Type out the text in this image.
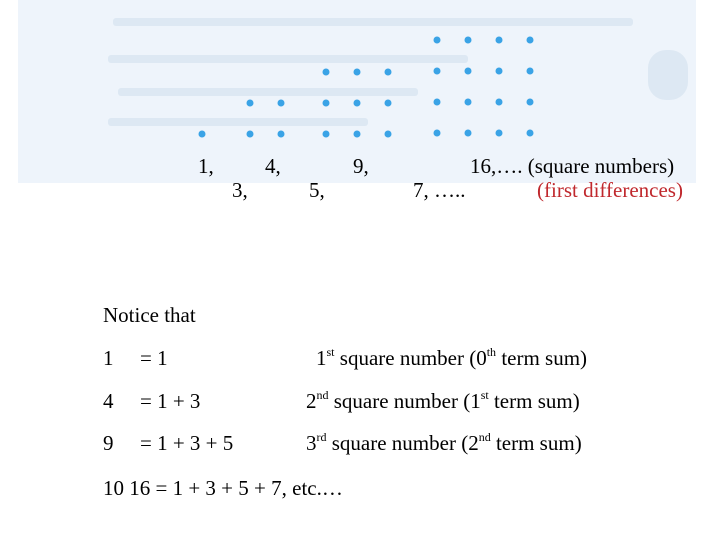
1, 4,	9,	16,…. (square numbers)
3,	5,	7, …..	(first differences)
Notice that
1 = 1	1st square number (0th term sum)
4 = 1 + 3	2nd square number (1st term sum)
9 = 1 + 3 + 5	3rd square number (2nd term sum)
10 16 = 1 + 3 + 5 + 7, etc.…
